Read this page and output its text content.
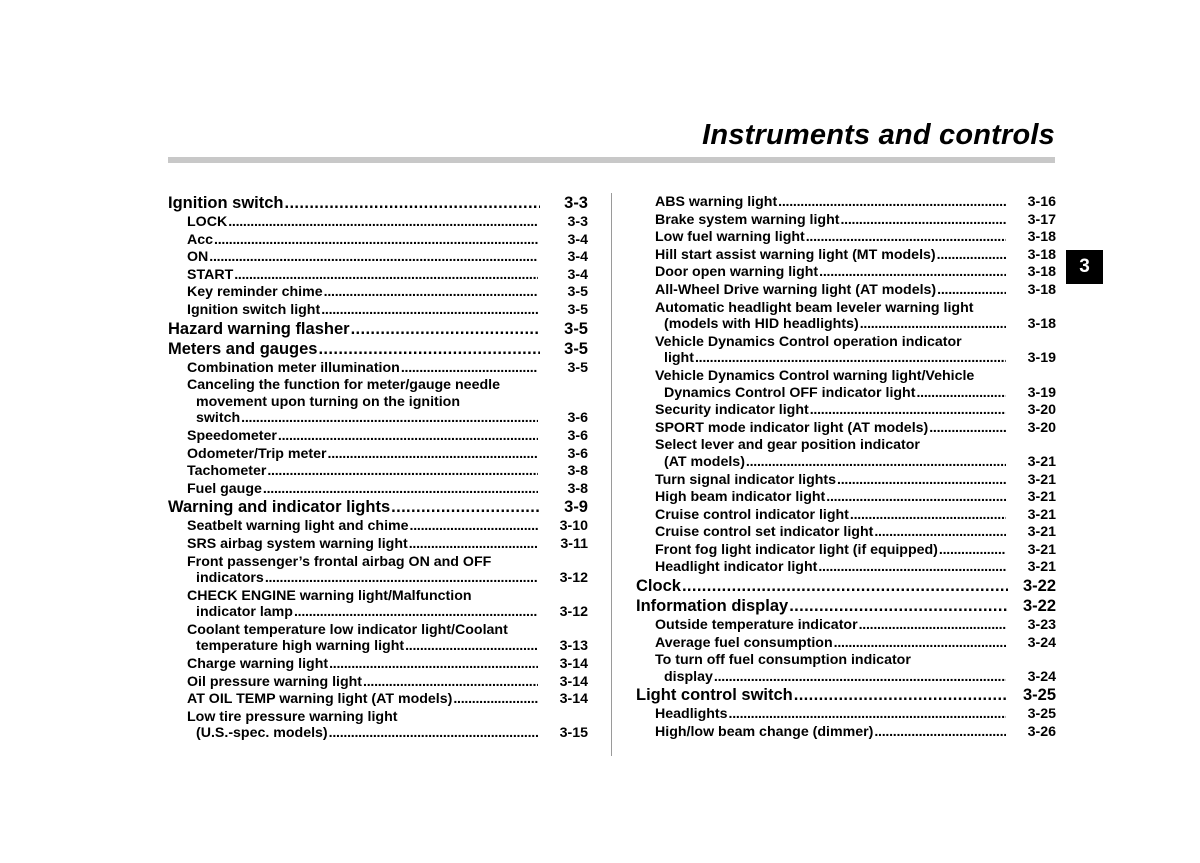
Instruments and controls
3
Ignition switch . . .	3-3
LOCK . . .	3-3
Acc . . .	3-4
ON . . .	3-4
START . . .	3-4
Key reminder chime . . .	3-5
Ignition switch light . . .	3-5
Hazard warning flasher . . .	3-5
Meters and gauges . . .	3-5
Combination meter illumination . . .	3-5
Canceling the function for meter/gauge needle
movement upon turning on the ignition
switch . . .	3-6
Speedometer . . .	3-6
Odometer/Trip meter . . .	3-6
Tachometer . . .	3-8
Fuel gauge . . .	3-8
Warning and indicator lights . . .	3-9
Seatbelt warning light and chime . . .	3-10
SRS airbag system warning light . . .	3-11
Front passenger’s frontal airbag ON and OFF
indicators . . .	3-12
CHECK ENGINE warning light/Malfunction
indicator lamp . . .	3-12
Coolant temperature low indicator light/Coolant
temperature high warning light . . .	3-13
Charge warning light . . .	3-14
Oil pressure warning light . . .	3-14
AT OIL TEMP warning light (AT models) . . .	3-14
Low tire pressure warning light
(U.S.-spec. models) . . .	3-15
ABS warning light . . .	3-16
Brake system warning light . . .	3-17
Low fuel warning light . . .	3-18
Hill start assist warning light (MT models) . . .	3-18
Door open warning light . . .	3-18
All-Wheel Drive warning light (AT models) . . .	3-18
Automatic headlight beam leveler warning light
(models with HID headlights) . . .	3-18
Vehicle Dynamics Control operation indicator
light . . .	3-19
Vehicle Dynamics Control warning light/Vehicle
Dynamics Control OFF indicator light . . .	3-19
Security indicator light . . .	3-20
SPORT mode indicator light (AT models) . . .	3-20
Select lever and gear position indicator
(AT models) . . .	3-21
Turn signal indicator lights . . .	3-21
High beam indicator light . . .	3-21
Cruise control indicator light . . .	3-21
Cruise control set indicator light . . .	3-21
Front fog light indicator light (if equipped) . . .	3-21
Headlight indicator light . . .	3-21
Clock . . .	3-22
Information display . . .	3-22
Outside temperature indicator . . .	3-23
Average fuel consumption . . .	3-24
To turn off fuel consumption indicator
display . . .	3-24
Light control switch . . .	3-25
Headlights . . .	3-25
High/low beam change (dimmer) . . .	3-26
